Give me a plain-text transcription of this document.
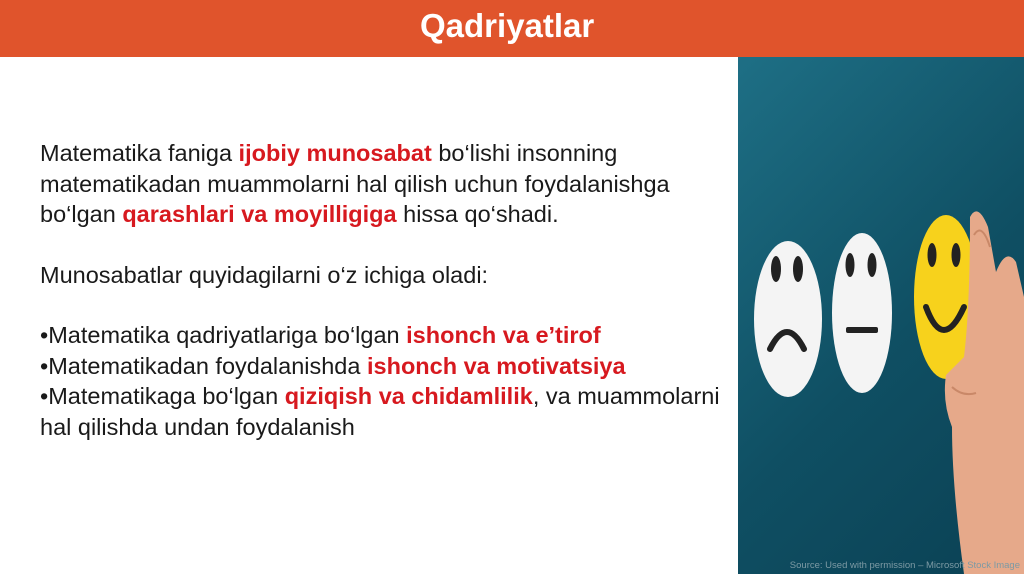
Qadriyatlar

Matematika faniga ijobiy munosabat bo‘lishi insonning matematikadan muammolarni hal qilish uchun foydalanishga bo‘lgan qarashlari va moyilligiga hissa qo‘shadi.

Munosabatlar quyidagilarni o‘z ichiga oladi:

•Matematika qadriyatlariga bo‘lgan ishonch va e’tirof

•Matematikadan foydalanishda ishonch va motivatsiya

•Matematikaga bo‘lgan qiziqish va chidamlilik, va muammolarni hal qilishda undan foydalanish

Source: Used with permission – Microsoft Stock Image
